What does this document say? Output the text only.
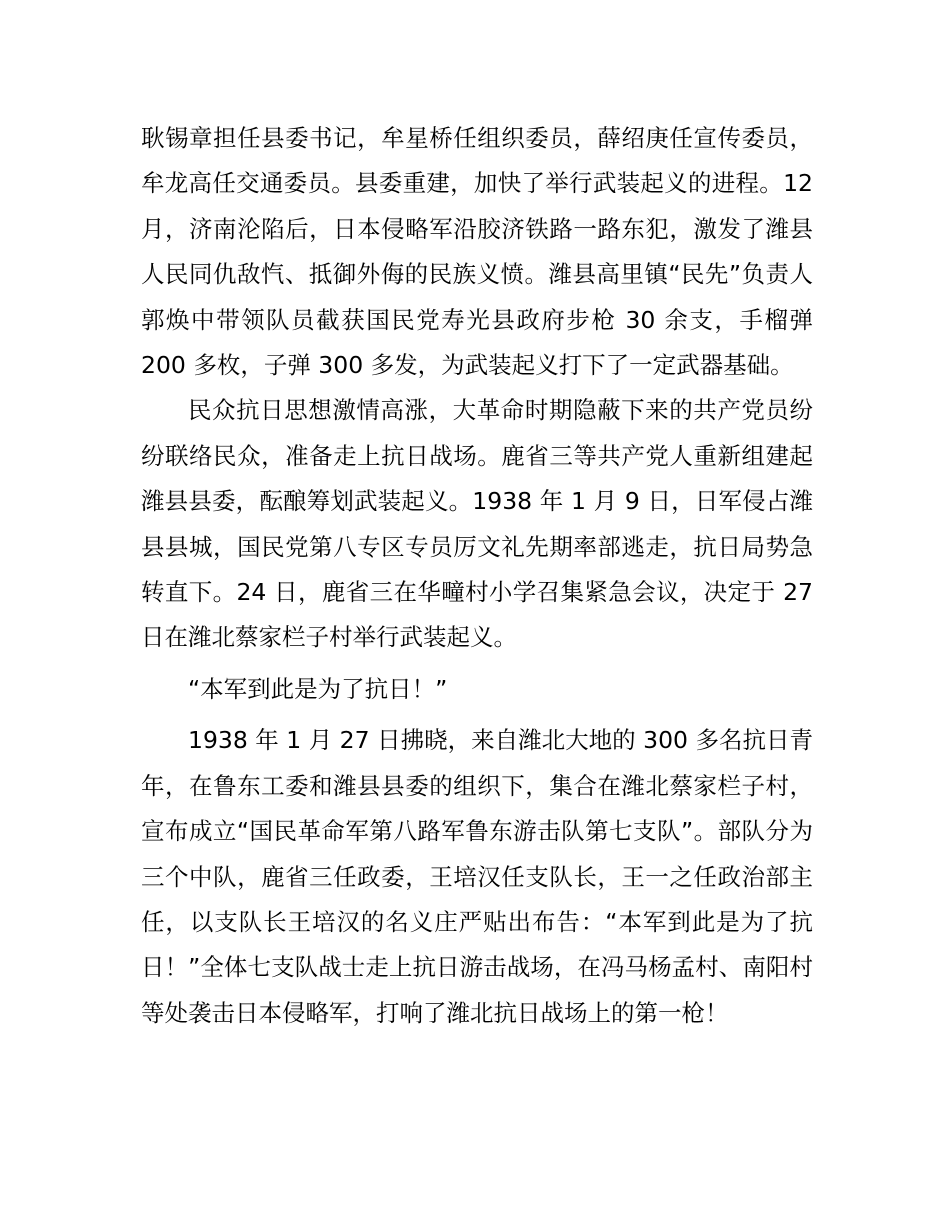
耿锡章担任县委书记，牟星桥任组织委员，薛绍庚任宣传委员，牟龙高任交通委员。县委重建，加快了举行武装起义的进程。12 月，济南沦陷后，日本侵略军沿胶济铁路一路东犯，激发了潍县人民同仇敌忾、抵御外侮的民族义愤。潍县高里镇“民先”负责人郭焕中带领队员截获国民党寿光县政府步枪 30 余支，手榴弹 200 多枚，子弹 300 多发，为武装起义打下了一定武器基础。

民众抗日思想激情高涨，大革命时期隐蔽下来的共产党员纷纷联络民众，准备走上抗日战场。鹿省三等共产党人重新组建起潍县县委，酝酿筹划武装起义。1938 年 1 月 9 日，日军侵占潍县县城，国民党第八专区专员厉文礼先期率部逃走，抗日局势急转直下。24 日，鹿省三在华疃村小学召集紧急会议，决定于 27 日在潍北蔡家栏子村举行武装起义。

“本军到此是为了抗日！”

1938 年 1 月 27 日拂晓，来自潍北大地的 300 多名抗日青年，在鲁东工委和潍县县委的组织下，集合在潍北蔡家栏子村，宣布成立“国民革命军第八路军鲁东游击队第七支队”。部队分为三个中队，鹿省三任政委，王培汉任支队长，王一之任政治部主任，以支队长王培汉的名义庄严贴出布告：“本军到此是为了抗日！”全体七支队战士走上抗日游击战场，在冯马杨孟村、南阳村等处袭击日本侵略军，打响了潍北抗日战场上的第一枪！
